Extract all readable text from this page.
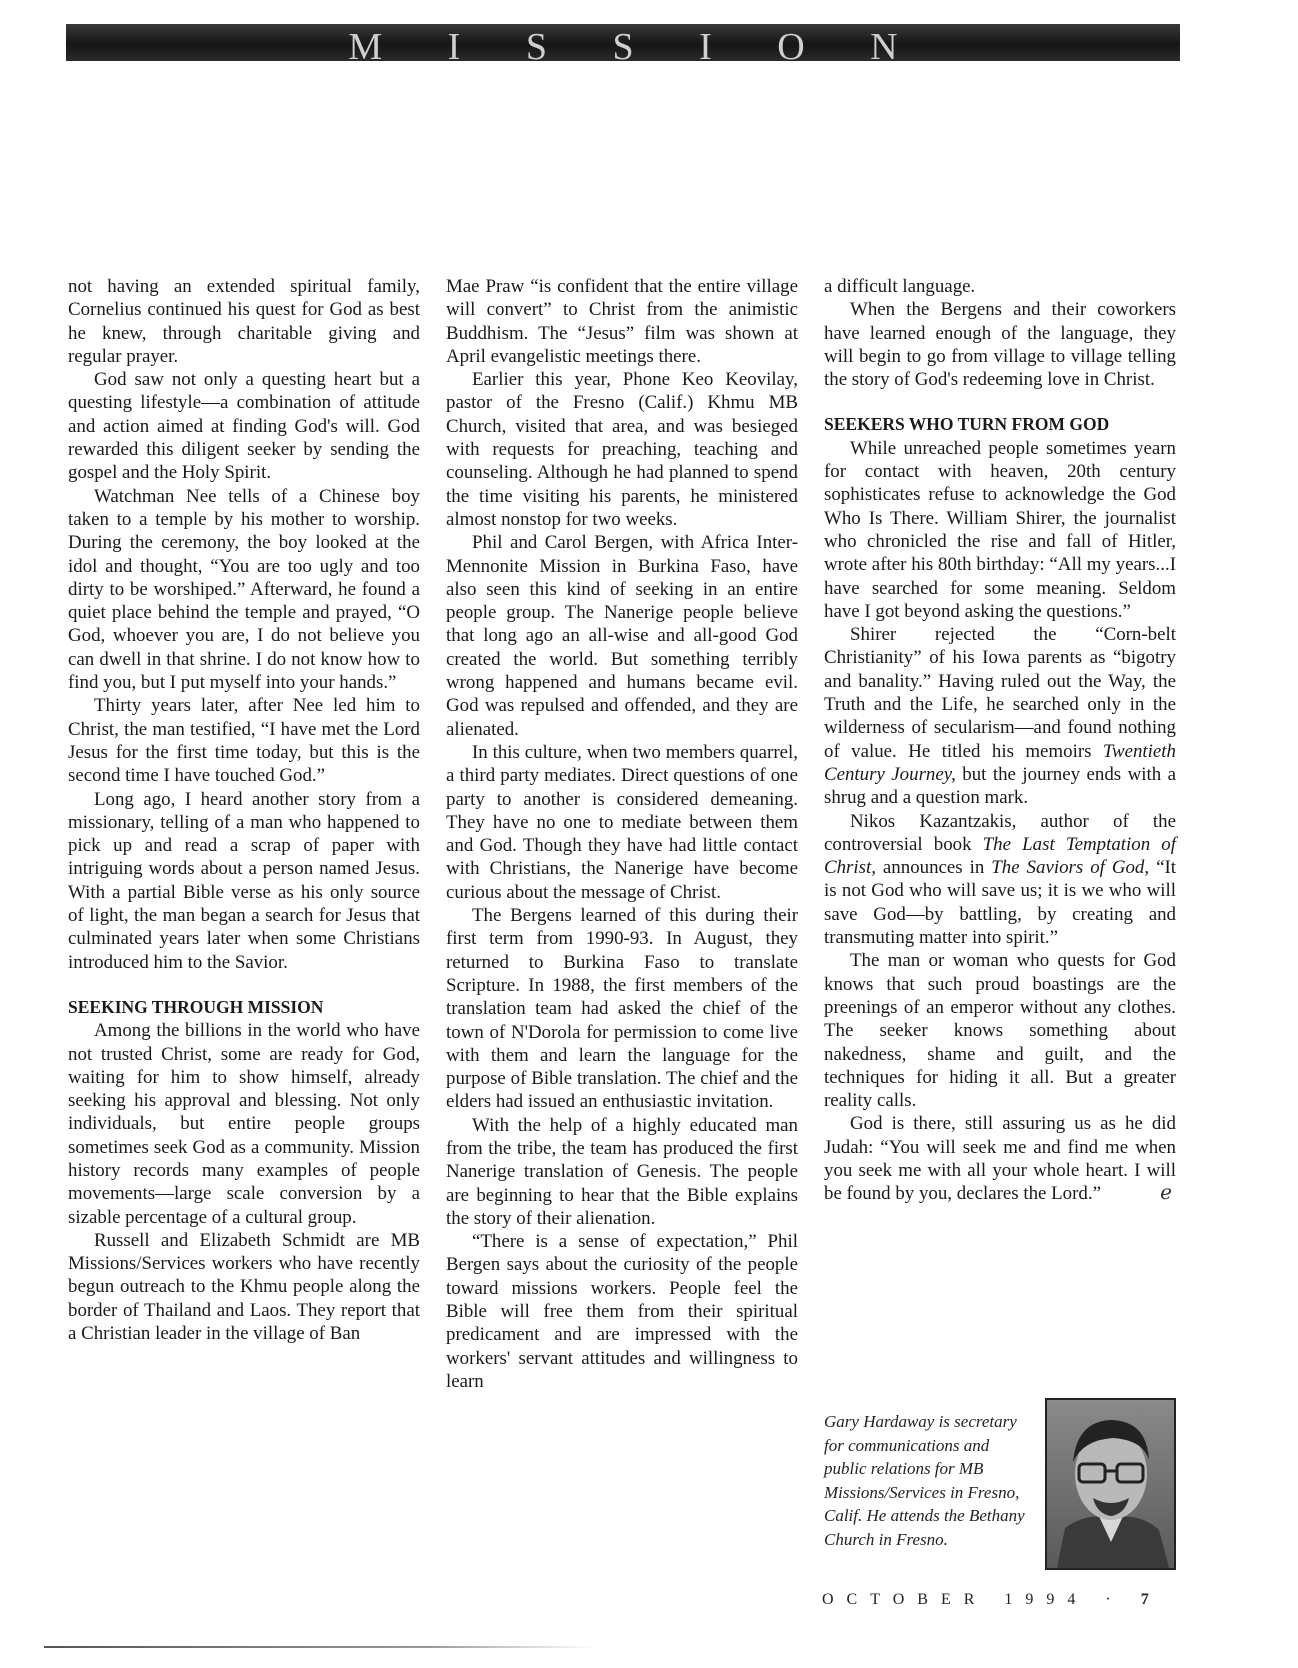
M I S S I O N

not having an extended spiritual family, Cornelius continued his quest for God as best he knew, through charitable giving and regular prayer.

God saw not only a questing heart but a questing lifestyle—a combination of attitude and action aimed at finding God's will. God rewarded this diligent seeker by sending the gospel and the Holy Spirit.

Watchman Nee tells of a Chinese boy taken to a temple by his mother to worship. During the ceremony, the boy looked at the idol and thought, “You are too ugly and too dirty to be worshiped.” Afterward, he found a quiet place behind the temple and prayed, “O God, whoever you are, I do not believe you can dwell in that shrine. I do not know how to find you, but I put myself into your hands.”

Thirty years later, after Nee led him to Christ, the man testified, “I have met the Lord Jesus for the first time today, but this is the second time I have touched God.”

Long ago, I heard another story from a missionary, telling of a man who happened to pick up and read a scrap of paper with intriguing words about a person named Jesus. With a partial Bible verse as his only source of light, the man began a search for Jesus that culminated years later when some Christians introduced him to the Savior.

SEEKING THROUGH MISSION

Among the billions in the world who have not trusted Christ, some are ready for God, waiting for him to show himself, already seeking his approval and blessing. Not only individuals, but entire people groups sometimes seek God as a community. Mission history records many examples of people movements—large scale conversion by a sizable percentage of a cultural group.

Russell and Elizabeth Schmidt are MB Missions/Services workers who have recently begun outreach to the Khmu people along the border of Thailand and Laos. They report that a Christian leader in the village of Ban

Mae Praw “is confident that the entire village will convert” to Christ from the animistic Buddhism. The “Jesus” film was shown at April evangelistic meetings there.

Earlier this year, Phone Keo Keovilay, pastor of the Fresno (Calif.) Khmu MB Church, visited that area, and was besieged with requests for preaching, teaching and counseling. Although he had planned to spend the time visiting his parents, he ministered almost nonstop for two weeks.

Phil and Carol Bergen, with Africa Inter-Mennonite Mission in Burkina Faso, have also seen this kind of seeking in an entire people group. The Nanerige people believe that long ago an all-wise and all-good God created the world. But something terribly wrong happened and humans became evil. God was repulsed and offended, and they are alienated.

In this culture, when two members quarrel, a third party mediates. Direct questions of one party to another is considered demeaning. They have no one to mediate between them and God. Though they have had little contact with Christians, the Nanerige have become curious about the message of Christ.

The Bergens learned of this during their first term from 1990-93. In August, they returned to Burkina Faso to translate Scripture. In 1988, the first members of the translation team had asked the chief of the town of N'Dorola for permission to come live with them and learn the language for the purpose of Bible translation. The chief and the elders had issued an enthusiastic invitation.

With the help of a highly educated man from the tribe, the team has produced the first Nanerige translation of Genesis. The people are beginning to hear that the Bible explains the story of their alienation.

“There is a sense of expectation,” Phil Bergen says about the curiosity of the people toward missions workers. People feel the Bible will free them from their spiritual predicament and are impressed with the workers' servant attitudes and willingness to learn

a difficult language.

When the Bergens and their coworkers have learned enough of the language, they will begin to go from village to village telling the story of God's redeeming love in Christ.

SEEKERS WHO TURN FROM GOD

While unreached people sometimes yearn for contact with heaven, 20th century sophisticates refuse to acknowledge the God Who Is There. William Shirer, the journalist who chronicled the rise and fall of Hitler, wrote after his 80th birthday: “All my years...I have searched for some meaning. Seldom have I got beyond asking the questions.”

Shirer rejected the “Corn-belt Christianity” of his Iowa parents as “bigotry and banality.” Having ruled out the Way, the Truth and the Life, he searched only in the wilderness of secularism—and found nothing of value. He titled his memoirs Twentieth Century Journey, but the journey ends with a shrug and a question mark.

Nikos Kazantzakis, author of the controversial book The Last Temptation of Christ, announces in The Saviors of God, “It is not God who will save us; it is we who will save God—by battling, by creating and transmuting matter into spirit.”

The man or woman who quests for God knows that such proud boastings are the preenings of an emperor without any clothes. The seeker knows something about nakedness, shame and guilt, and the techniques for hiding it all. But a greater reality calls.

God is there, still assuring us as he did Judah: “You will seek me and find me when you seek me with all your whole heart. I will be found by you, declares the Lord.”	ℯ

Gary Hardaway is secretary for communications and public relations for MB Missions/Services in Fresno, Calif. He attends the Bethany Church in Fresno.
OCTOBER 1994 · 7
